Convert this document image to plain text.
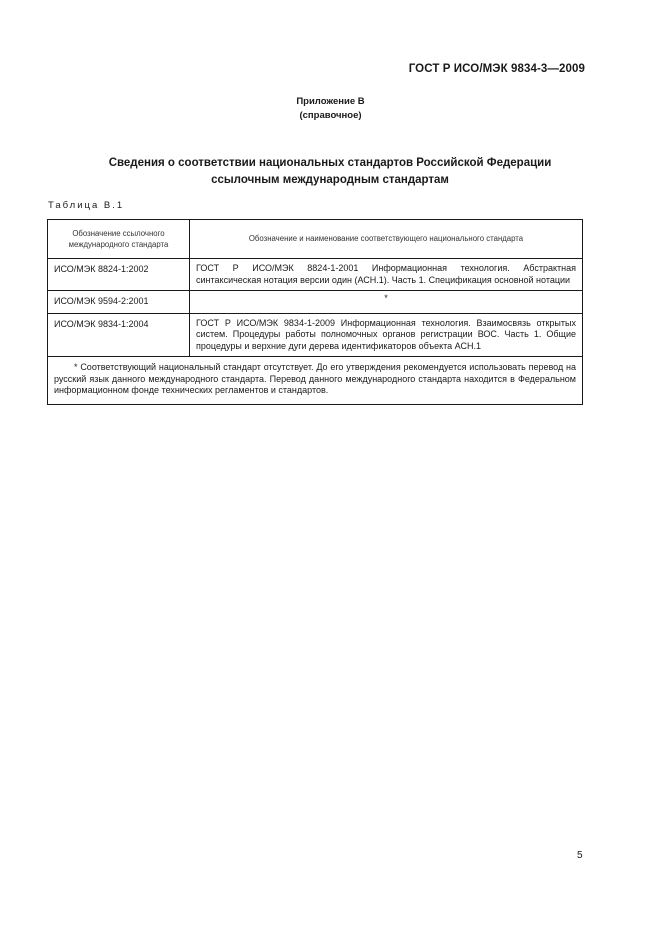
ГОСТ Р ИСО/МЭК 9834-3—2009
Приложение В
(справочное)
Сведения о соответствии национальных стандартов Российской Федерации
ссылочным международным стандартам
Таблица В.1
Обозначение ссылочного международного стандарта	Обозначение и наименование соответствующего национального стандарта
ИСО/МЭК 8824-1:2002	ГОСТ Р ИСО/МЭК 8824-1-2001 Информационная технология. Абстрактная синтаксическая нотация версии один (АСН.1). Часть 1. Спецификация основной нотации
ИСО/МЭК 9594-2:2001	*
ИСО/МЭК 9834-1:2004	ГОСТ Р ИСО/МЭК 9834-1-2009 Информационная технология. Взаимосвязь открытых систем. Процедуры работы полномочных органов регистрации ВОС. Часть 1. Общие процедуры и верхние дуги дерева идентификаторов объекта АСН.1
* Соответствующий национальный стандарт отсутствует. До его утверждения рекомендуется использовать перевод на русский язык данного международного стандарта. Перевод данного международного стандарта находится в Федеральном информационном фонде технических регламентов и стандартов.	
5
